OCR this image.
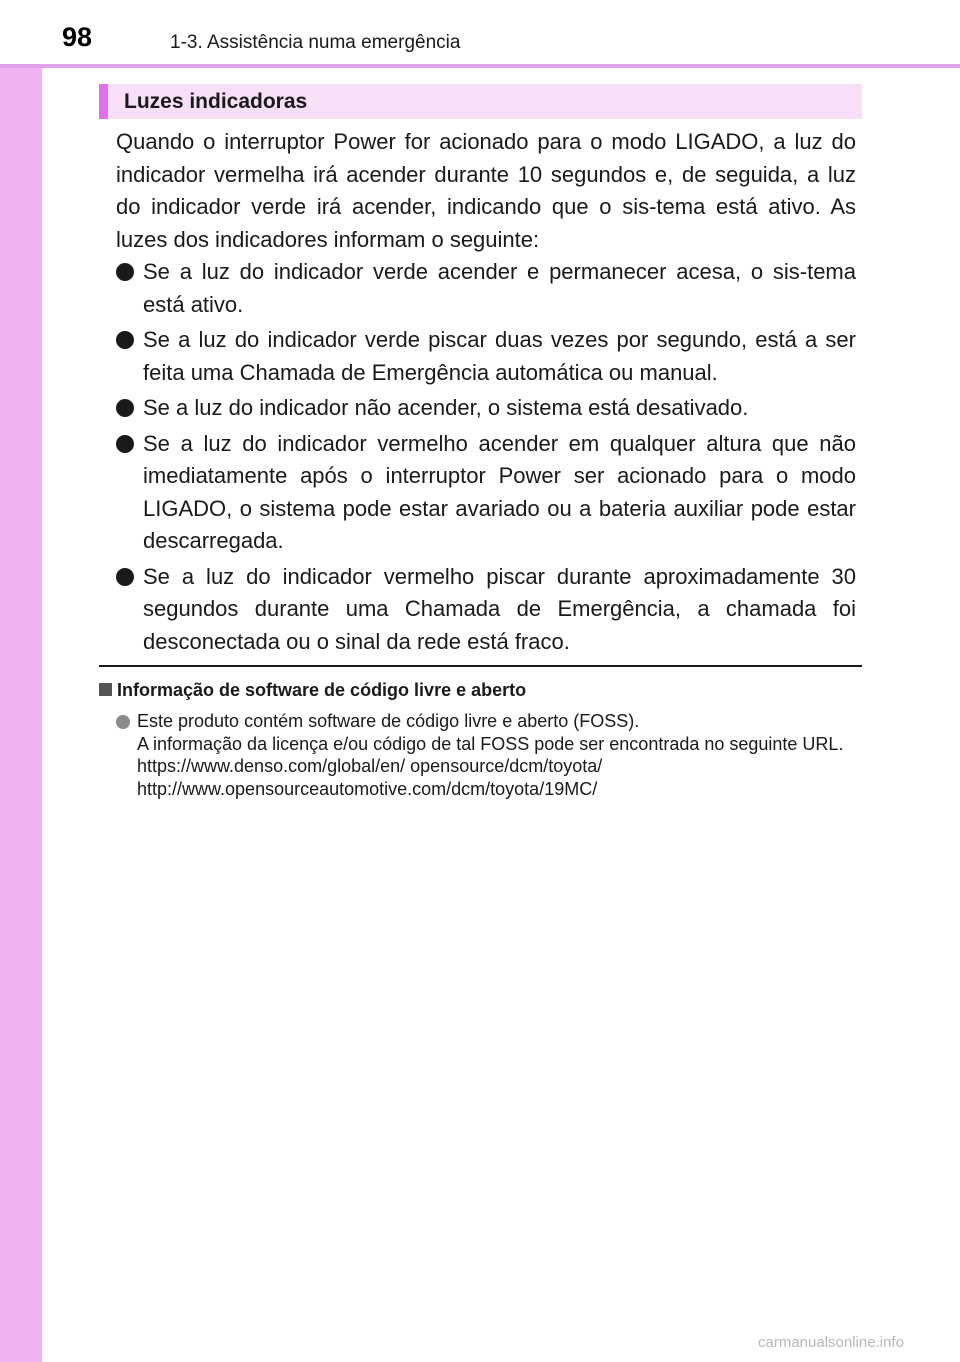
98	1-3. Assistência numa emergência
Luzes indicadoras

Quando o interruptor Power for acionado para o modo LIGADO, a luz do indicador vermelha irá acender durante 10 segundos e, de seguida, a luz do indicador verde irá acender, indicando que o sis-tema está ativo. As luzes dos indicadores informam o seguinte:

Se a luz do indicador verde acender e permanecer acesa, o sis-tema está ativo.
Se a luz do indicador verde piscar duas vezes por segundo, está a ser feita uma Chamada de Emergência automática ou manual.
Se a luz do indicador não acender, o sistema está desativado.
Se a luz do indicador vermelho acender em qualquer altura que não imediatamente após o interruptor Power ser acionado para o modo LIGADO, o sistema pode estar avariado ou a bateria auxiliar pode estar descarregada.
Se a luz do indicador vermelho piscar durante aproximadamente 30 segundos durante uma Chamada de Emergência, a chamada foi desconectada ou o sinal da rede está fraco.
Informação de software de código livre e aberto

Este produto contém software de código livre e aberto (FOSS).

A informação da licença e/ou código de tal FOSS pode ser encontrada no seguinte URL.

https://www.denso.com/global/en/ opensource/dcm/toyota/

http://www.opensourceautomotive.com/dcm/toyota/19MC/

carmanualsonline.info
